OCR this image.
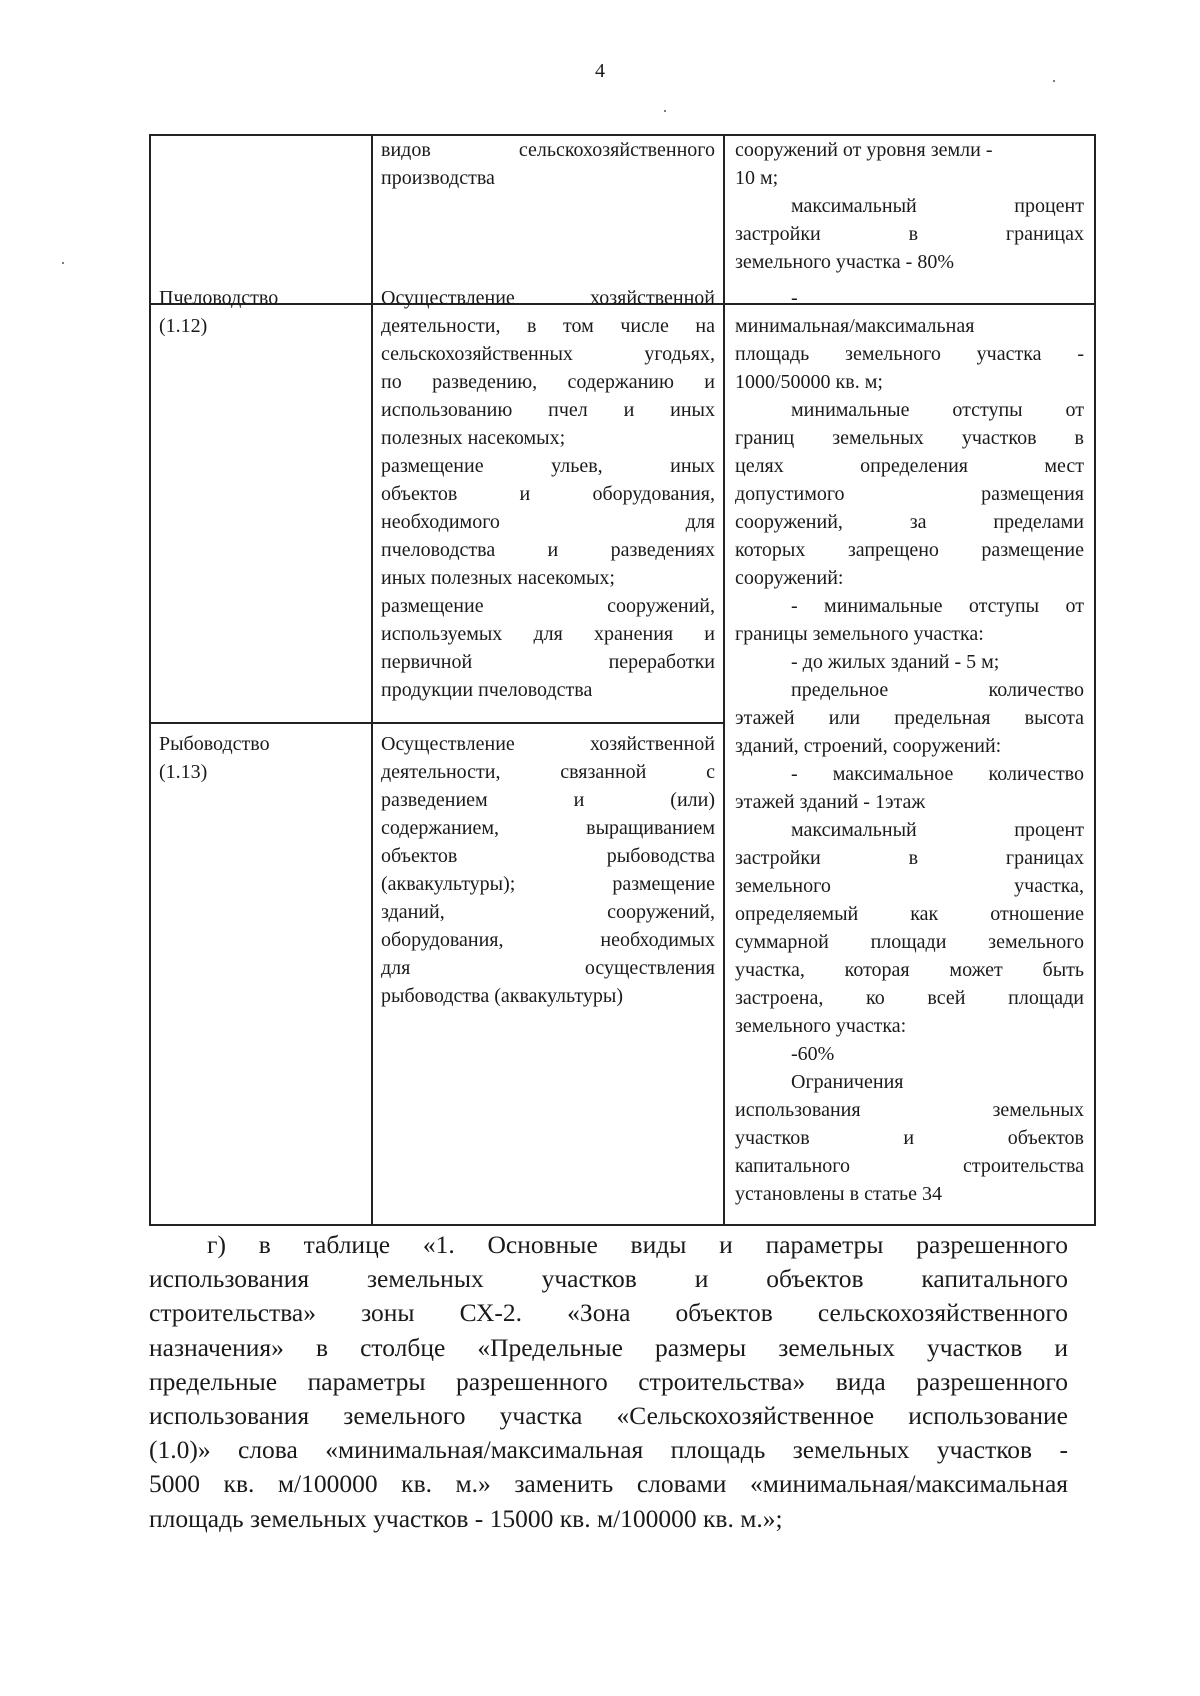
4

видов сельскохозяйственного

производства

сооружений от уровня земли -

10 м;

максимальный процент

застройки в границах

земельного участка - 80%

Пчеловодство

(1.12)

Осуществление хозяйственной

деятельности, в том числе на

сельскохозяйственных угодьях,

по разведению, содержанию и

использованию пчел и иных

полезных насекомых;

размещение ульев, иных

объектов и оборудования,

необходимого для

пчеловодства и разведениях

иных полезных насекомых;

размещение сооружений,

используемых для хранения и

первичной переработки

продукции пчеловодства

Рыбоводство

(1.13)

Осуществление хозяйственной

деятельности, связанной с

разведением и (или)

содержанием, выращиванием

объектов рыбоводства

(аквакультуры); размещение

зданий, сооружений,

оборудования, необходимых

для осуществления

рыбоводства (аквакультуры)

-

минимальная/максимальная

площадь земельного участка -

1000/50000 кв. м;

минимальные отступы от

границ земельных участков в

целях определения мест

допустимого размещения

сооружений, за пределами

которых запрещено размещение

сооружений:

- минимальные отступы от

границы земельного участка:

- до жилых зданий - 5 м;

предельное количество

этажей или предельная высота

зданий, строений, сооружений:

- максимальное количество

этажей зданий - 1этаж

максимальный процент

застройки в границах

земельного участка,

определяемый как отношение

суммарной площади земельного

участка, которая может быть

застроена, ко всей площади

земельного участка:

-60%

Ограничения

использования земельных

участков и объектов

капитального строительства

установлены в статье 34

г) в таблице «1. Основные виды и параметры разрешенного

использования земельных участков и объектов капитального

строительства» зоны СХ-2. «Зона объектов сельскохозяйственного

назначения» в столбце «Предельные размеры земельных участков и

предельные параметры разрешенного строительства» вида разрешенного

использования земельного участка «Сельскохозяйственное использование

(1.0)» слова «минимальная/максимальная площадь земельных участков -

5000 кв. м/100000 кв. м.» заменить словами «минимальная/максимальная

площадь земельных участков - 15000 кв. м/100000 кв. м.»;
